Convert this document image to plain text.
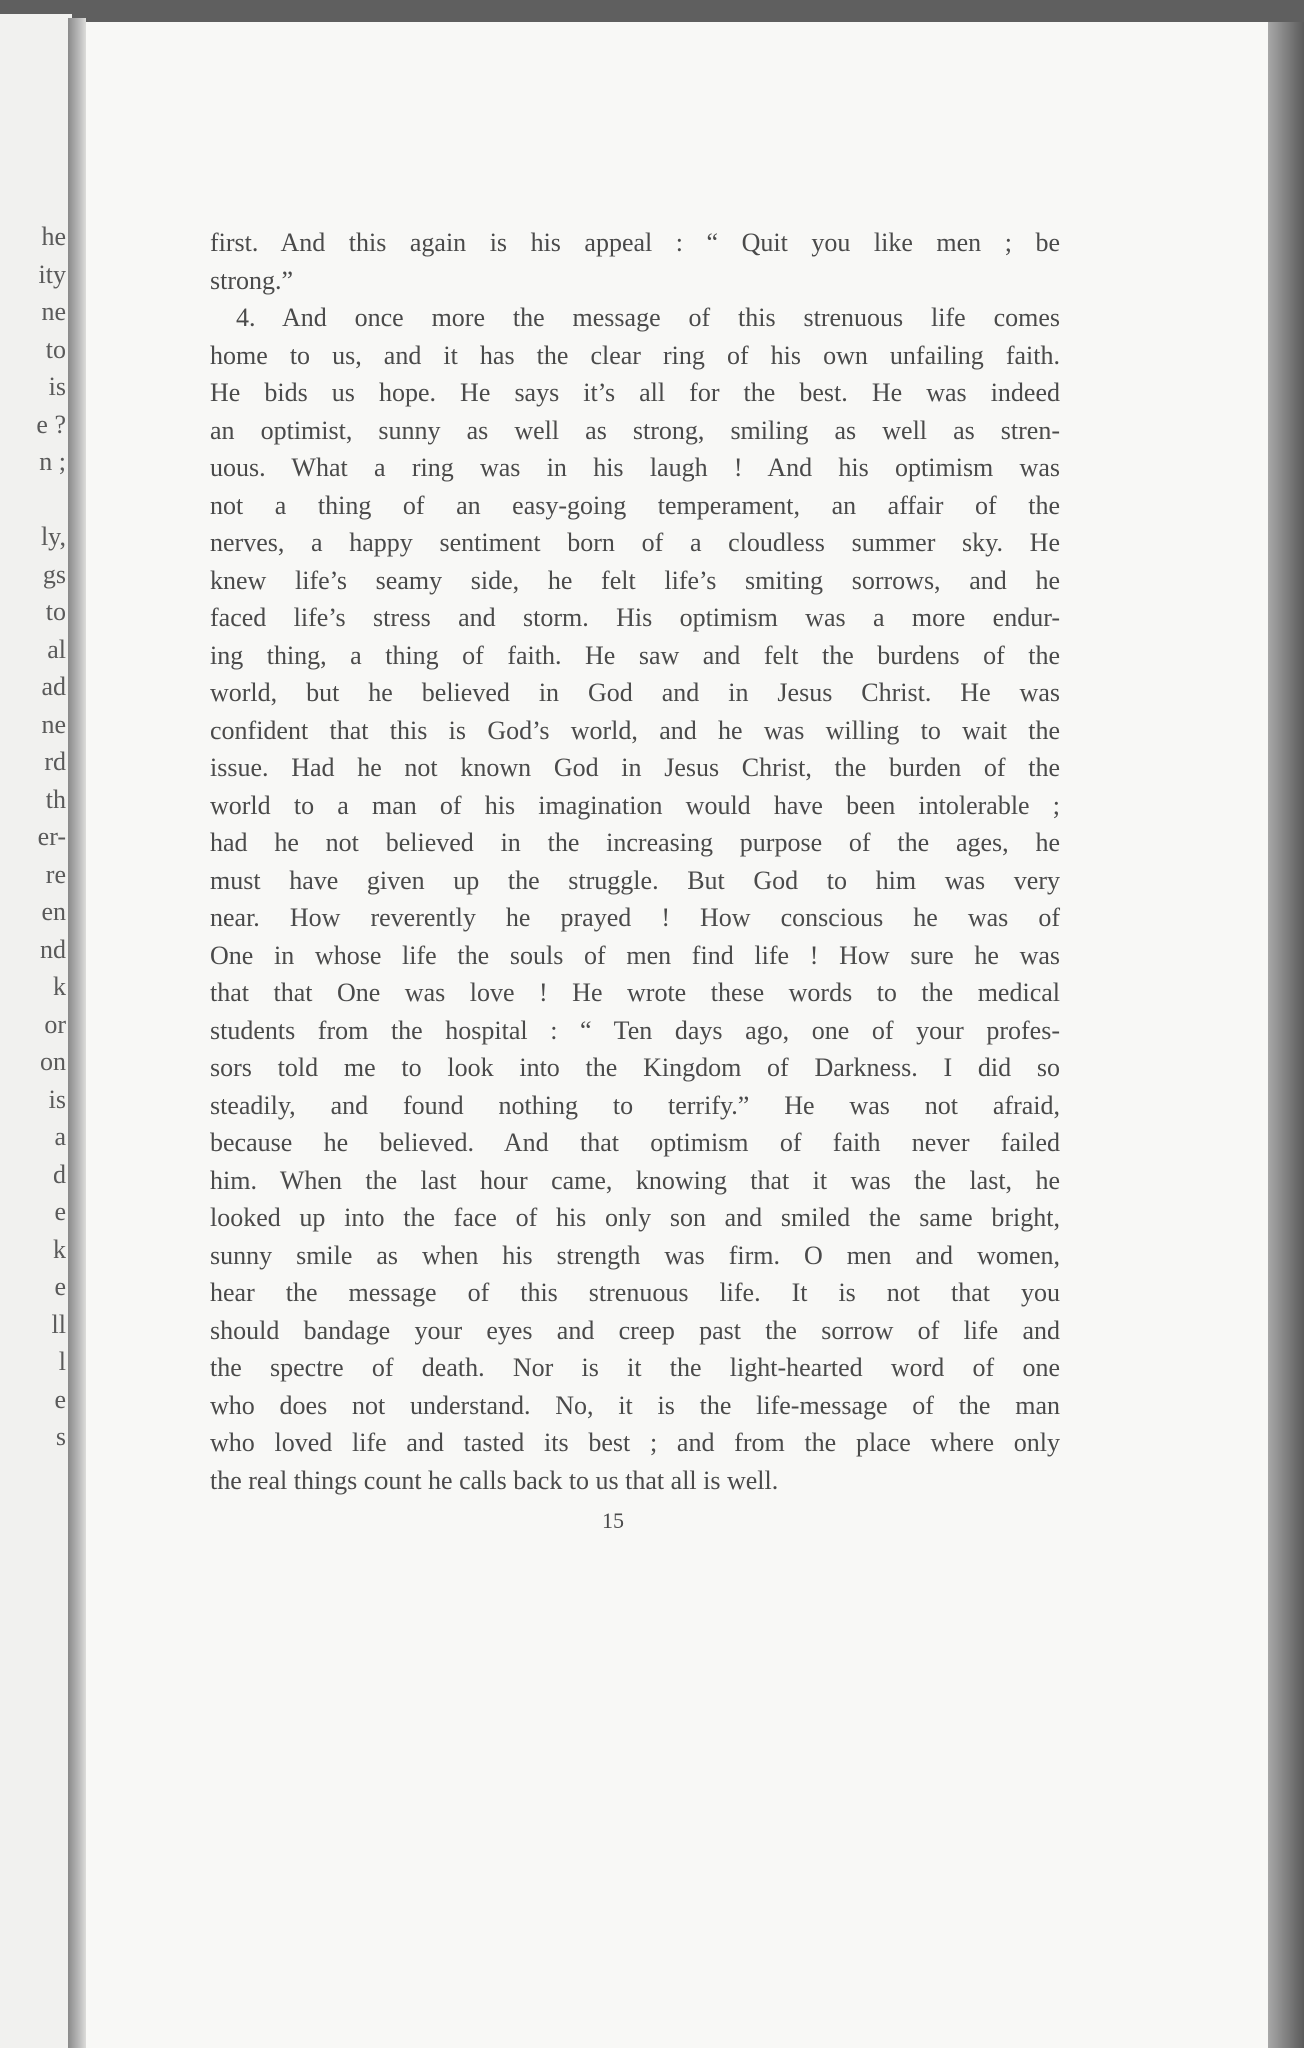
he
ity
ne
to
is
e ?
n ;
ly,
gs
to
al
ad
ne
rd
th
er-
re
en
nd
k
or
on
is
a
d
e
k
e
ll
l
e
s
first. And this again is his appeal : “ Quit you like men ; be
strong.”
4. And once more the message of this strenuous life comes
home to us, and it has the clear ring of his own unfailing faith.
He bids us hope. He says it’s all for the best. He was indeed
an optimist, sunny as well as strong, smiling as well as stren-
uous. What a ring was in his laugh ! And his optimism was
not a thing of an easy-going temperament, an affair of the
nerves, a happy sentiment born of a cloudless summer sky. He
knew life’s seamy side, he felt life’s smiting sorrows, and he
faced life’s stress and storm. His optimism was a more endur-
ing thing, a thing of faith. He saw and felt the burdens of the
world, but he believed in God and in Jesus Christ. He was
confident that this is God’s world, and he was willing to wait the
issue. Had he not known God in Jesus Christ, the burden of the
world to a man of his imagination would have been intolerable ;
had he not believed in the increasing purpose of the ages, he
must have given up the struggle. But God to him was very
near. How reverently he prayed ! How conscious he was of
One in whose life the souls of men find life ! How sure he was
that that One was love ! He wrote these words to the medical
students from the hospital : “ Ten days ago, one of your profes-
sors told me to look into the Kingdom of Darkness. I did so
steadily, and found nothing to terrify.” He was not afraid,
because he believed. And that optimism of faith never failed
him. When the last hour came, knowing that it was the last, he
looked up into the face of his only son and smiled the same bright,
sunny smile as when his strength was firm. O men and women,
hear the message of this strenuous life. It is not that you
should bandage your eyes and creep past the sorrow of life and
the spectre of death. Nor is it the light-hearted word of one
who does not understand. No, it is the life-message of the man
who loved life and tasted its best ; and from the place where only
the real things count he calls back to us that all is well.
15
